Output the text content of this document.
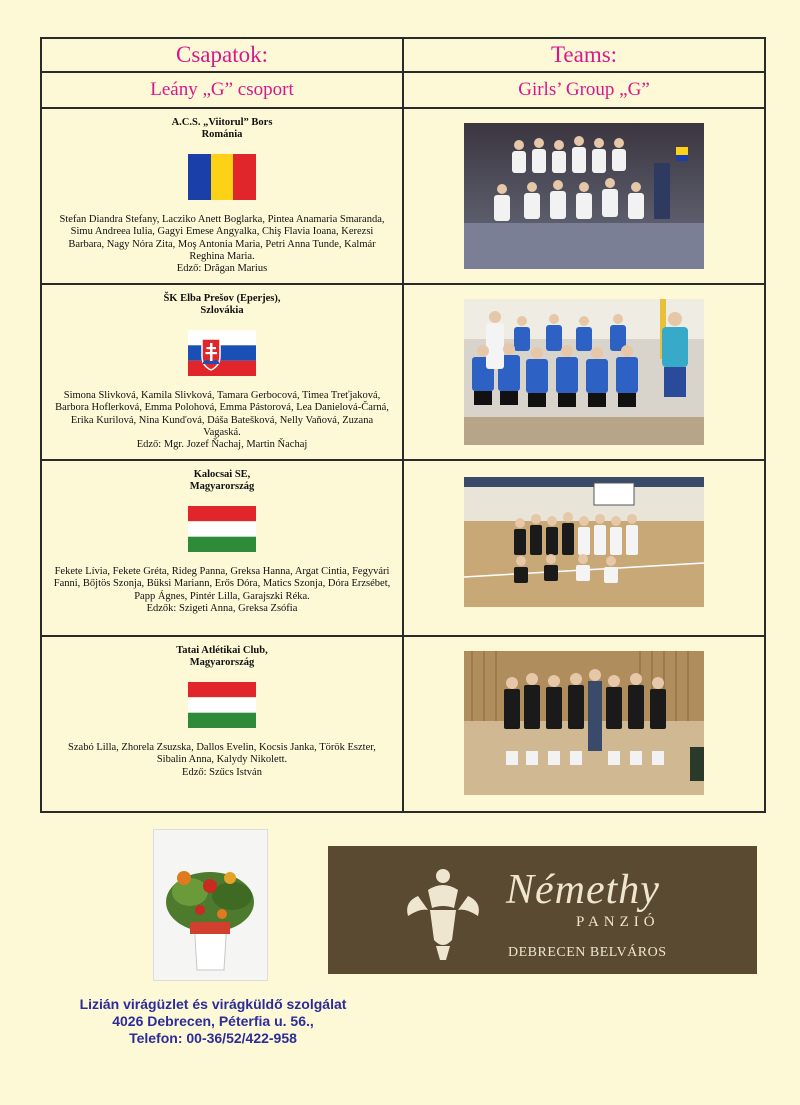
Csapatok:	Teams:
Leány „G” csoport	Girls’ Group „G”

A.C.S. „Viitorul” Bors
Románia
Stefan Diandra Stefany, Lacziko Anett Boglarka, Pintea Anamaria Smaranda, Simu Andreea Iulia, Gagyi Emese Angyalka, Chiş Flavia Ioana, Kerezsi Barbara, Nagy Nóra Zita, Moş Antonia Maria, Petri Anna Tunde, Kalmár Reghina Maria.
Edző: Drăgan Marius

ŠK Elba Prešov (Eperjes),
Szlovákia
Simona Slivková, Kamila Slivková, Tamara Gerbocová, Timea Treťjaková, Barbora Hoflerková, Emma Polohová, Emma Pástorová, Lea Danielová-Čarná, Erika Kurilová, Nina Kunďová, Dáša Batešková, Nelly Vaňová, Zuzana Vagaská.
Edző: Mgr. Jozef Ňachaj, Martin Ňachaj

Kalocsai SE,
Magyarország
Fekete Lívia, Fekete Gréta, Rideg Panna, Greksa Hanna, Argat Cintia, Fegyvári Fanni, Bőjtös Szonja, Büksi Mariann, Erős Dóra, Matics Szonja, Dóra Erzsébet, Papp Ágnes, Pintér Lilla, Garajszki Réka.
Edzők: Szigeti Anna, Greksa Zsófia

Tatai Atlétikai Club,
Magyarország
Szabó Lilla, Zhorela Zsuzska, Dallos Evelin, Kocsis Janka, Török Eszter, Sibalin Anna, Kalydy Nikolett.
Edző: Szűcs István

Némethy
PANZIÓ
DEBRECEN BELVÁROS
Lizián virágüzlet és virágküldő szolgálat
4026 Debrecen, Péterfia u. 56.,
Telefon: 00-36/52/422-958
